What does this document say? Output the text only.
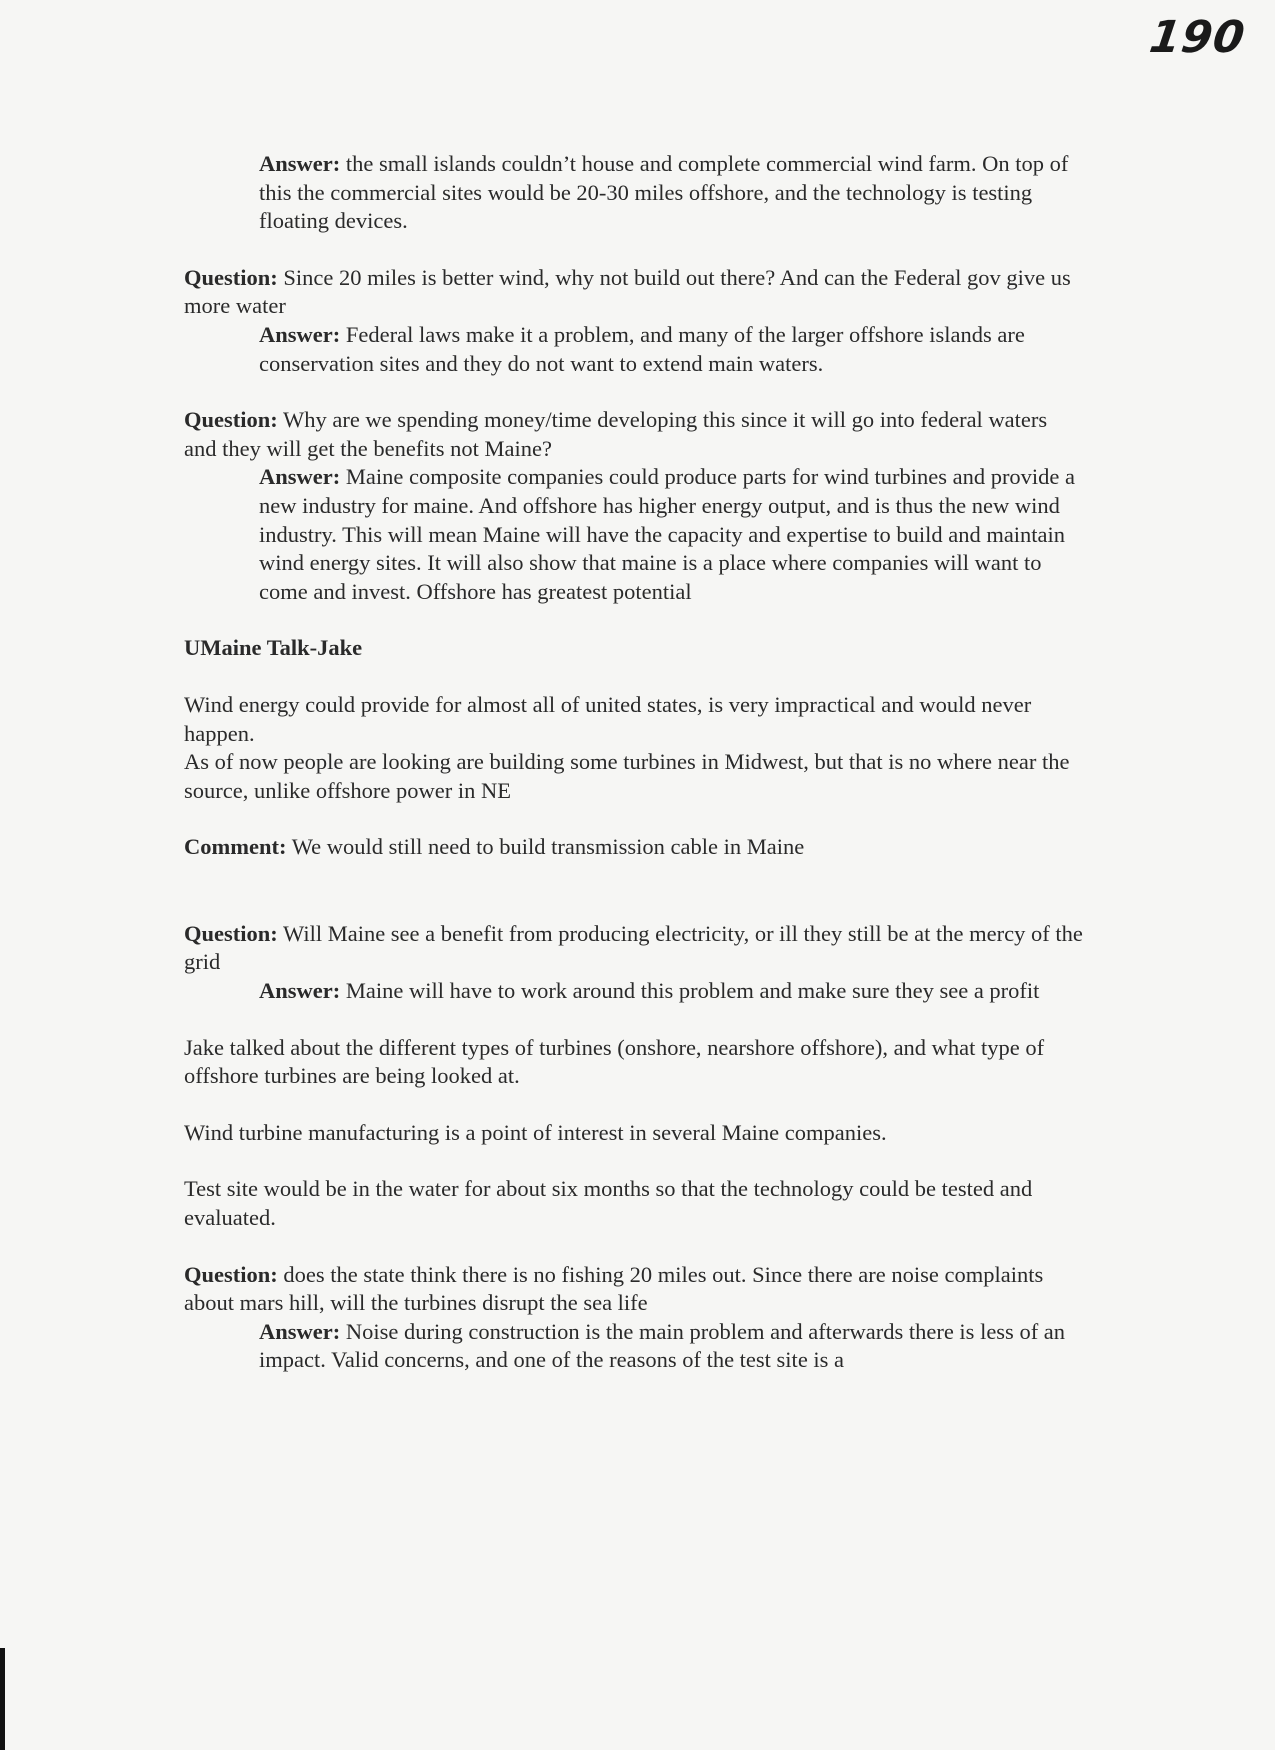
190

Answer: the small islands couldn’t house and complete commercial wind farm. On top of this the commercial sites would be 20-30 miles offshore, and the technology is testing floating devices.

Question: Since 20 miles is better wind, why not build out there? And can the Federal gov give us more water

Answer: Federal laws make it a problem, and many of the larger offshore islands are conservation sites and they do not want to extend main waters.

Question: Why are we spending money/time developing this since it will go into federal waters and they will get the benefits not Maine?

Answer: Maine composite companies could produce parts for wind turbines and provide a new industry for maine. And offshore has higher energy output, and is thus the new wind industry. This will mean Maine will have the capacity and expertise to build and maintain wind energy sites. It will also show that maine is a place where companies will want to come and invest. Offshore has greatest potential

UMaine Talk-Jake

Wind energy could provide for almost all of united states, is very impractical and would never happen.

As of now people are looking are building some turbines in Midwest, but that is no where near the source, unlike offshore power in NE

Comment: We would still need to build transmission cable in Maine

Question: Will Maine see a benefit from producing electricity, or ill they still be at the mercy of the grid

Answer: Maine will have to work around this problem and make sure they see a profit

Jake talked about the different types of turbines (onshore, nearshore offshore), and what type of offshore turbines are being looked at.

Wind turbine manufacturing is a point of interest in several Maine companies.

Test site would be in the water for about six months so that the technology could be tested and evaluated.

Question: does the state think there is no fishing 20 miles out. Since there are noise complaints about mars hill, will the turbines disrupt the sea life

Answer: Noise during construction is the main problem and afterwards there is less of an impact. Valid concerns, and one of the reasons of the test site is a
